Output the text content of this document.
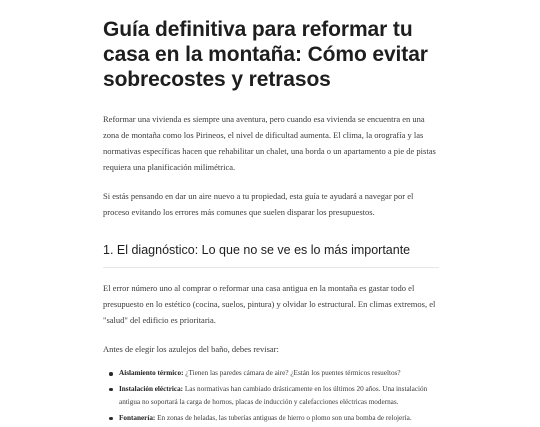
Guía definitiva para reformar tu casa en la montaña: Cómo evitar sobrecostes y retrasos

Reformar una vivienda es siempre una aventura, pero cuando esa vivienda se encuentra en una zona de montaña como los Pirineos, el nivel de dificultad aumenta. El clima, la orografía y las normativas específicas hacen que rehabilitar un chalet, una borda o un apartamento a pie de pistas requiera una planificación milimétrica.

Si estás pensando en dar un aire nuevo a tu propiedad, esta guía te ayudará a navegar por el proceso evitando los errores más comunes que suelen disparar los presupuestos.

1. El diagnóstico: Lo que no se ve es lo más importante

El error número uno al comprar o reformar una casa antigua en la montaña es gastar todo el presupuesto en lo estético (cocina, suelos, pintura) y olvidar lo estructural. En climas extremos, el "salud" del edificio es prioritaria.

Antes de elegir los azulejos del baño, debes revisar:

Aislamiento térmico: ¿Tienen las paredes cámara de aire? ¿Están los puentes térmicos resueltos?
Instalación eléctrica: Las normativas han cambiado drásticamente en los últimos 20 años. Una instalación antigua no soportará la carga de hornos, placas de inducción y calefacciones eléctricas modernas.
Fontanería: En zonas de heladas, las tuberías antiguas de hierro o plomo son una bomba de relojería.
